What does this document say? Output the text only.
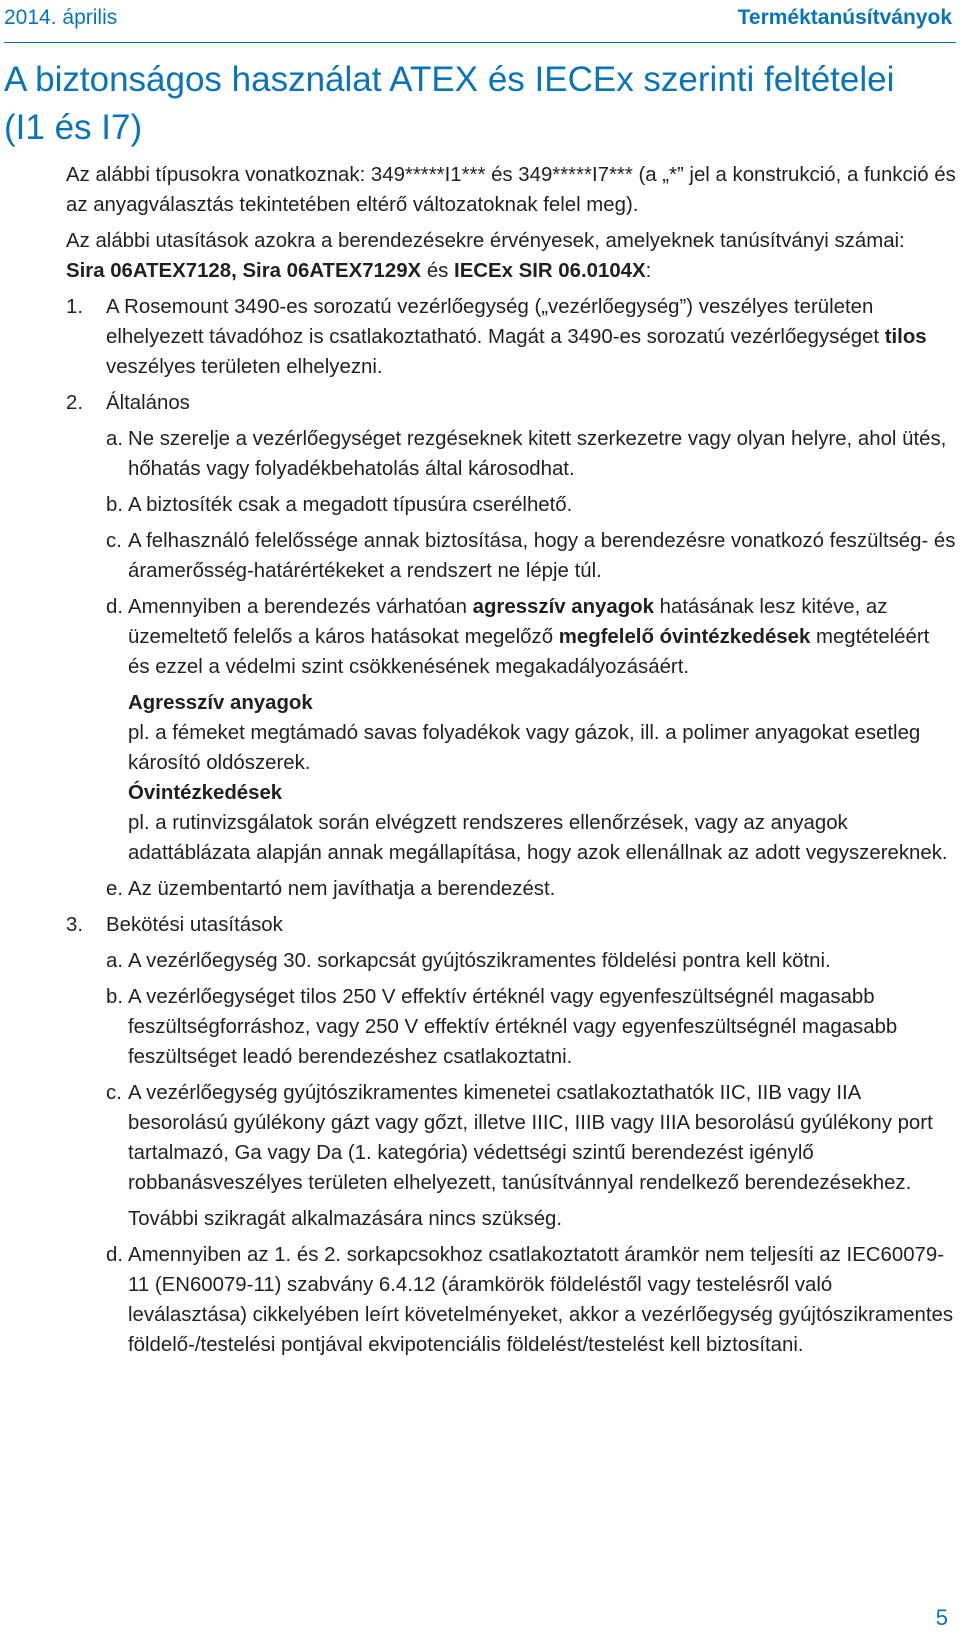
2014. április	Terméktanúsítványok
A biztonságos használat ATEX és IECEx szerinti feltételei (I1 és I7)

Az alábbi típusokra vonatkoznak: 349*****I1*** és 349*****I7*** (a „*” jel a konstrukció, a funkció és az anyagválasztás tekintetében eltérő változatoknak felel meg).

Az alábbi utasítások azokra a berendezésekre érvényesek, amelyeknek tanúsítványi számai:

Sira 06ATEX7128, Sira 06ATEX7129X és IECEx SIR 06.0104X:

1. A Rosemount 3490-es sorozatú vezérlőegység („vezérlőegység”) veszélyes területen elhelyezett távadóhoz is csatlakoztatható. Magát a 3490-es sorozatú vezérlőegységet tilos veszélyes területen elhelyezni.
2. Általános
a. Ne szerelje a vezérlőegységet rezgéseknek kitett szerkezetre vagy olyan helyre, ahol ütés, hőhatás vagy folyadékbehatolás által károsodhat.
b. A biztosíték csak a megadott típusúra cserélhető.
c. A felhasználó felelőssége annak biztosítása, hogy a berendezésre vonatkozó feszültség- és áramerősség-határértékeket a rendszert ne lépje túl.
d. Amennyiben a berendezés várhatóan agresszív anyagok hatásának lesz kitéve, az üzemeltető felelős a káros hatásokat megelőző megfelelő óvintézkedések megtételéért és ezzel a védelmi szint csökkenésének megakadályozásáért.

Agresszív anyagok

pl. a fémeket megtámadó savas folyadékok vagy gázok, ill. a polimer anyagokat esetleg károsító oldószerek.

Óvintézkedések

pl. a rutinvizsgálatok során elvégzett rendszeres ellenőrzések, vagy az anyagok adattáblázata alapján annak megállapítása, hogy azok ellenállnak az adott vegyszereknek.

e. Az üzembentartó nem javíthatja a berendezést.
3. Bekötési utasítások
a. A vezérlőegység 30. sorkapcsát gyújtószikramentes földelési pontra kell kötni.
b. A vezérlőegységet tilos 250 V effektív értéknél vagy egyenfeszültségnél magasabb feszültségforráshoz, vagy 250 V effektív értéknél vagy egyenfeszültségnél magasabb feszültséget leadó berendezéshez csatlakoztatni.
c. A vezérlőegység gyújtószikramentes kimenetei csatlakoztathatók IIC, IIB vagy IIA besorolású gyúlékony gázt vagy gőzt, illetve IIIC, IIIB vagy IIIA besorolású gyúlékony port tartalmazó, Ga vagy Da (1. kategória) védettségi szintű berendezést igénylő robbanásveszélyes területen elhelyezett, tanúsítvánnyal rendelkező berendezésekhez.

További szikragát alkalmazására nincs szükség.

d. Amennyiben az 1. és 2. sorkapcsokhoz csatlakoztatott áramkör nem teljesíti az IEC60079-11 (EN60079-11) szabvány 6.4.12 (áramkörök földeléstől vagy testelésről való leválasztása) cikkelyében leírt követelményeket, akkor a vezérlőegység gyújtószikramentes földelő-/testelési pontjával ekvipotenciális földelést/testelést kell biztosítani.
5
